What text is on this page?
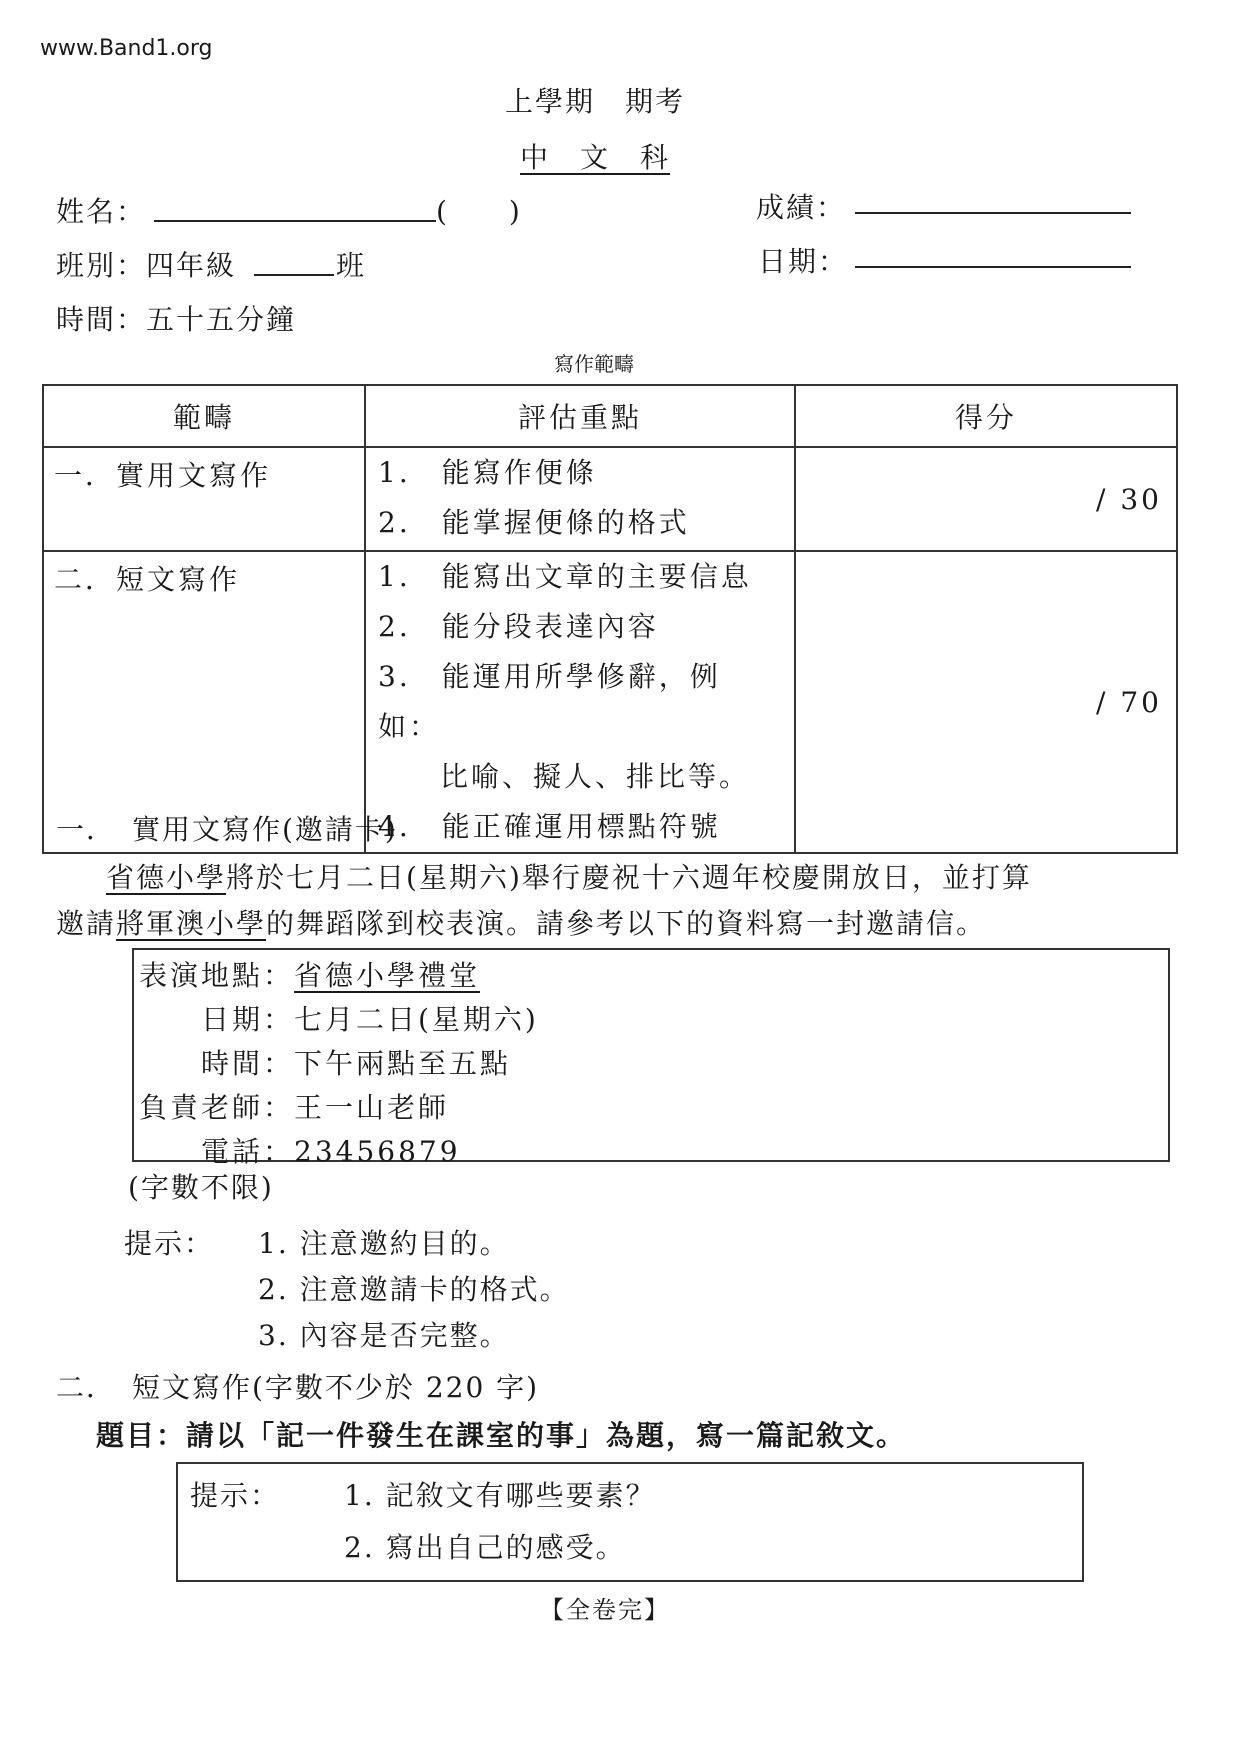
www.Band1.org
上學期　期考
中　文　科
姓名：	(　　)	成績：
班別：四年級	班	日期：
時間：五十五分鐘
寫作範疇
範疇	評估重點	得分
一．實用文寫作	1.　能寫作便條
2.　能掌握便條的格式	/ 30
二．短文寫作	1.　能寫出文章的主要信息
2.　能分段表達內容
3.　能運用所學修辭，例如：
　　比喻、擬人、排比等。
4.　能正確運用標點符號	/ 70
一．　實用文寫作(邀請卡)
省德小學將於七月二日(星期六)舉行慶祝十六週年校慶開放日，並打算
邀請將軍澳小學的舞蹈隊到校表演。請參考以下的資料寫一封邀請信。
表演地點：省德小學禮堂
日期：七月二日(星期六)
時間：下午兩點至五點
負責老師：王一山老師
電話：23456879
(字數不限)
提示： 1. 注意邀約目的。
2. 注意邀請卡的格式。
3. 內容是否完整。
二．　短文寫作(字數不少於 220 字)
題目：請以「記一件發生在課室的事」為題，寫一篇記敘文。
提示： 1. 記敘文有哪些要素？
2. 寫出自己的感受。
【全卷完】
